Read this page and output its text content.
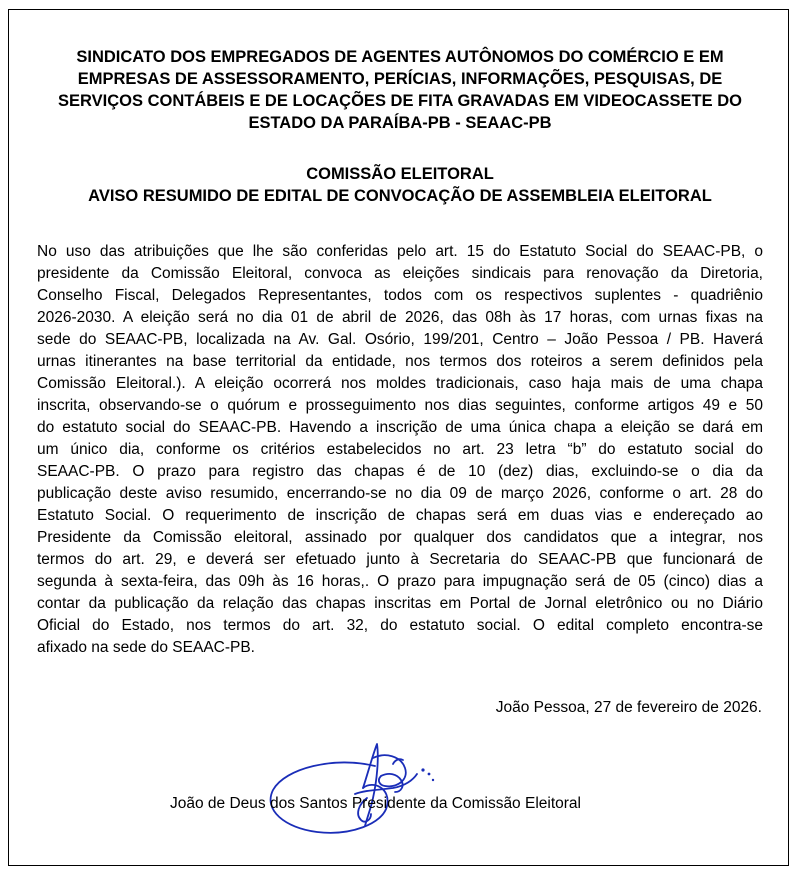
SINDICATO DOS EMPREGADOS DE AGENTES AUTÔNOMOS DO COMÉRCIO E EM
EMPRESAS DE ASSESSORAMENTO, PERÍCIAS, INFORMAÇÕES, PESQUISAS, DE
SERVIÇOS CONTÁBEIS E DE LOCAÇÕES DE FITA GRAVADAS EM VIDEOCASSETE DO
ESTADO DA PARAÍBA-PB - SEAAC-PB
COMISSÃO ELEITORAL
AVISO RESUMIDO DE EDITAL DE CONVOCAÇÃO DE ASSEMBLEIA ELEITORAL
No uso das atribuições que lhe são conferidas pelo art. 15 do Estatuto Social do SEAAC-PB, o
presidente da Comissão Eleitoral, convoca as eleições sindicais para renovação da Diretoria,
Conselho Fiscal, Delegados Representantes, todos com os respectivos suplentes - quadriênio
2026-2030. A eleição será no dia 01 de abril de 2026, das 08h às 17 horas, com urnas fixas na
sede do SEAAC-PB, localizada na Av. Gal. Osório, 199/201, Centro – João Pessoa / PB. Haverá
urnas itinerantes na base territorial da entidade, nos termos dos roteiros a serem definidos pela
Comissão Eleitoral.). A eleição ocorrerá nos moldes tradicionais, caso haja mais de uma chapa
inscrita, observando-se o quórum e prosseguimento nos dias seguintes, conforme artigos 49 e 50
do estatuto social do SEAAC-PB. Havendo a inscrição de uma única chapa a eleição se dará em
um único dia, conforme os critérios estabelecidos no art. 23 letra “b” do estatuto social do
SEAAC-PB. O prazo para registro das chapas é de 10 (dez) dias, excluindo-se o dia da
publicação deste aviso resumido, encerrando-se no dia 09 de março 2026, conforme o art. 28 do
Estatuto Social. O requerimento de inscrição de chapas será em duas vias e endereçado ao
Presidente da Comissão eleitoral, assinado por qualquer dos candidatos que a integrar, nos
termos do art. 29, e deverá ser efetuado junto à Secretaria do SEAAC-PB que funcionará de
segunda à sexta-feira, das 09h às 16 horas,. O prazo para impugnação será de 05 (cinco) dias a
contar da publicação da relação das chapas inscritas em Portal de Jornal eletrônico ou no Diário
Oficial do Estado, nos termos do art. 32, do estatuto social. O edital completo encontra-se
afixado na sede do SEAAC-PB.
João Pessoa, 27 de fevereiro de 2026.
João de Deus dos Santos Presidente da Comissão Eleitoral
